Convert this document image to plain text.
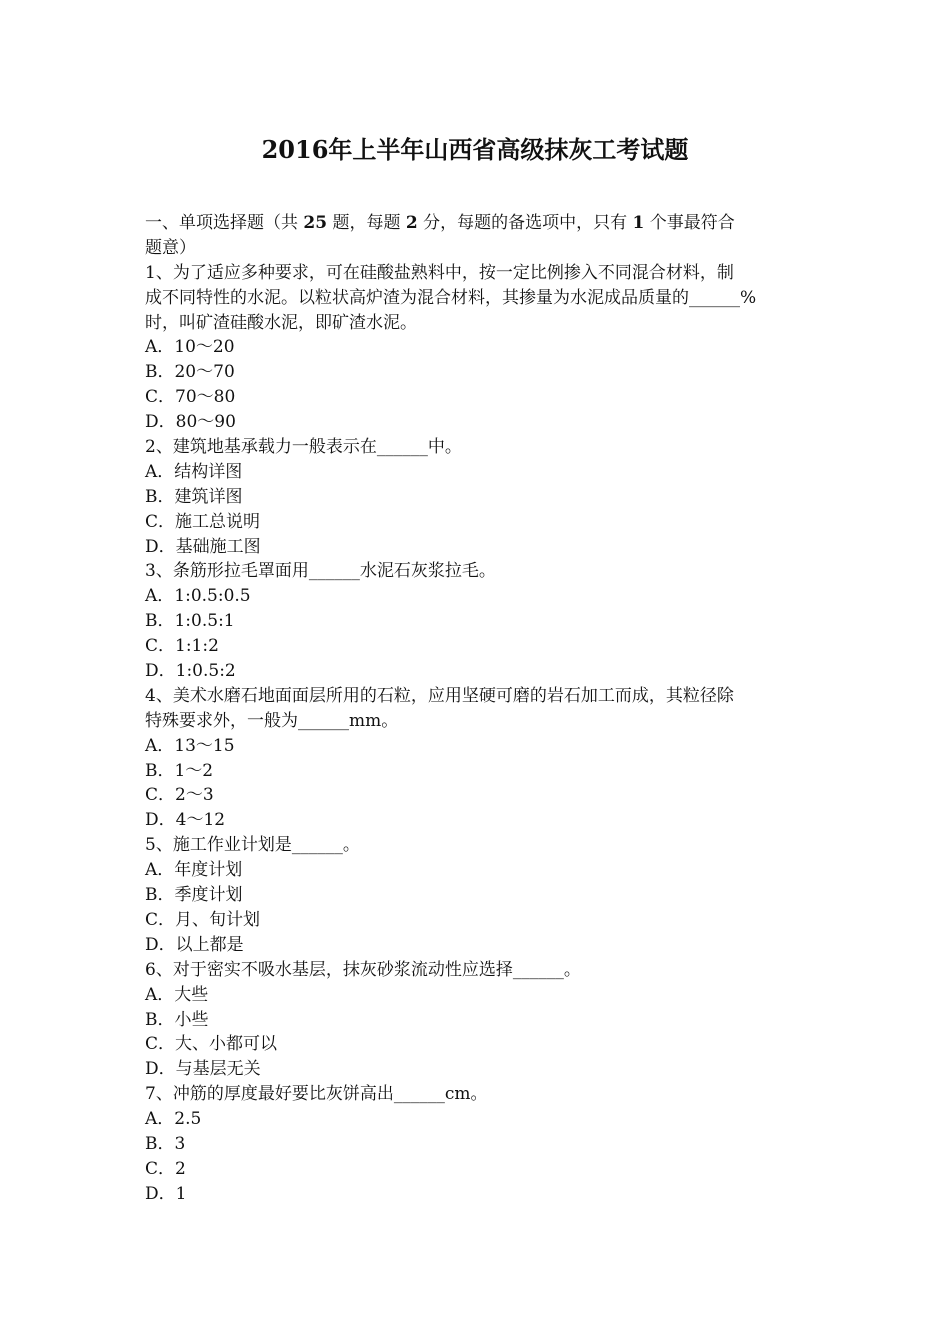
2016年上半年山西省高级抹灰工考试题
一、单项选择题（共 25 题，每题 2 分，每题的备选项中，只有 1 个事最符合
题意）
1、为了适应多种要求，可在硅酸盐熟料中，按一定比例掺入不同混合材料，制
成不同特性的水泥。以粒状高炉渣为混合材料，其掺量为水泥成品质量的______%
时，叫矿渣硅酸水泥，即矿渣水泥。
A．10～20
B．20～70
C．70～80
D．80～90
2、建筑地基承载力一般表示在______中。
A．结构详图
B．建筑详图
C．施工总说明
D．基础施工图
3、条筋形拉毛罩面用______水泥石灰浆拉毛。
A．1:0.5:0.5
B．1:0.5:1
C．1:1:2
D．1:0.5:2
4、美术水磨石地面面层所用的石粒，应用坚硬可磨的岩石加工而成，其粒径除
特殊要求外，一般为______mm。
A．13～15
B．1～2
C．2～3
D．4～12
5、施工作业计划是______。
A．年度计划
B．季度计划
C．月、旬计划
D．以上都是
6、对于密实不吸水基层，抹灰砂浆流动性应选择______。
A．大些
B．小些
C．大、小都可以
D．与基层无关
7、冲筋的厚度最好要比灰饼高出______cm。
A．2.5
B．3
C．2
D．1
